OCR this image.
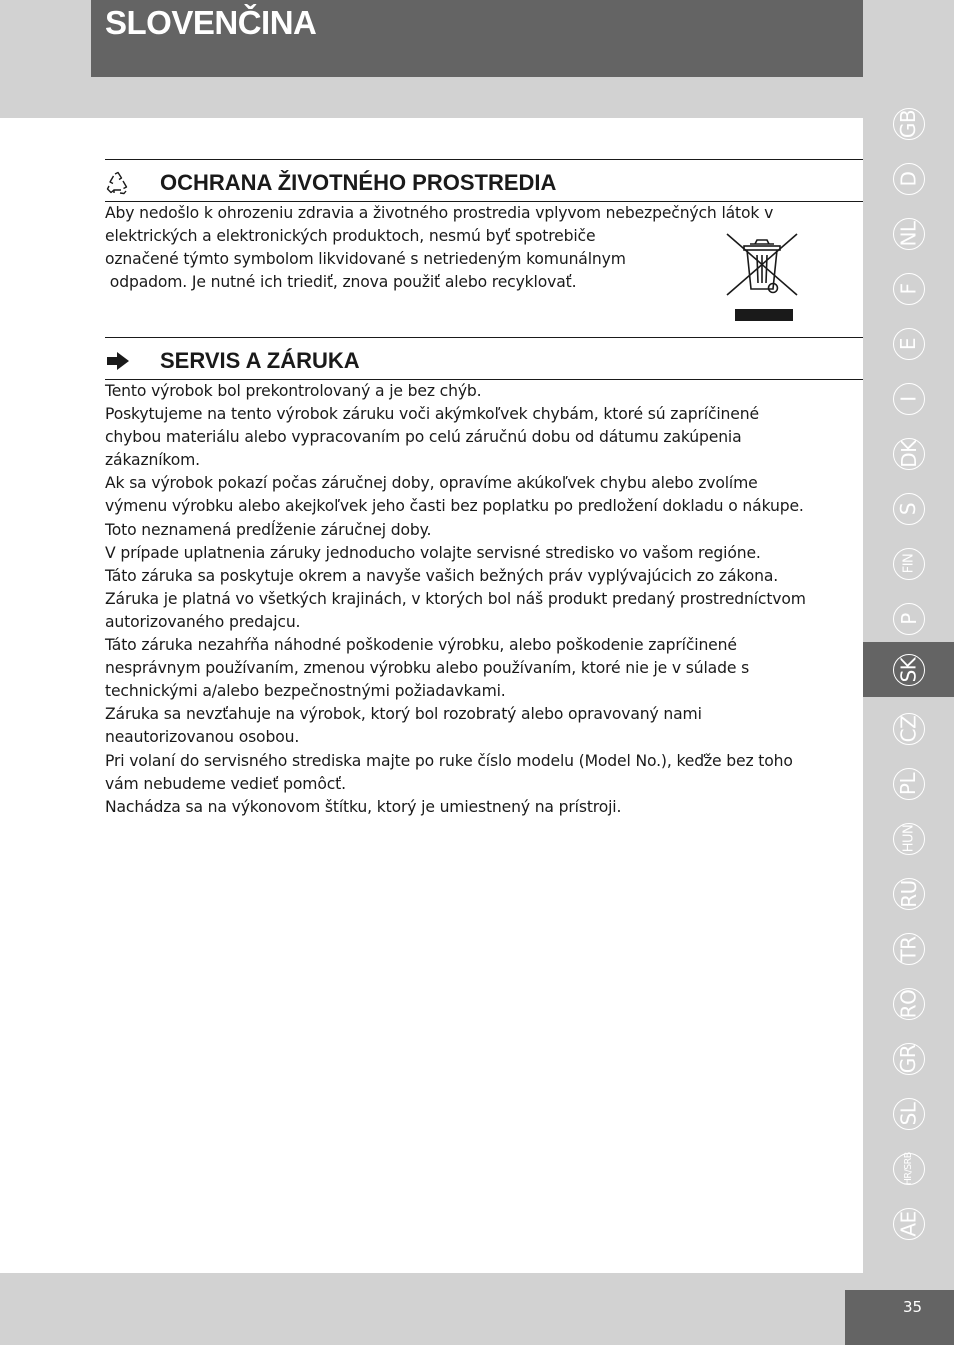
SLOVENČINA
OCHRANA ŽIVOTNÉHO PROSTREDIA
Aby nedošlo k ohrozeniu zdravia a životného prostredia vplyvom nebezpečných látok v
elektrických a elektronických produktoch, nesmú byť spotrebiče
označené týmto symbolom likvidované s netriedeným komunálnym
odpadom. Je nutné ich triediť, znova použiť alebo recyklovať.
SERVIS A ZÁRUKA
Tento výrobok bol prekontrolovaný a je bez chýb.
Poskytujeme na tento výrobok záruku voči akýmkoľvek chybám, ktoré sú zapríčinené
chybou materiálu alebo vypracovaním po celú záručnú dobu od dátumu zakúpenia
zákazníkom.
Ak sa výrobok pokazí počas záručnej doby, opravíme akúkoľvek chybu alebo zvolíme
výmenu výrobku alebo akejkoľvek jeho časti bez poplatku po predložení dokladu o nákupe.
Toto neznamená predĺženie záručnej doby.
V prípade uplatnenia záruky jednoducho volajte servisné stredisko vo vašom regióne.
Táto záruka sa poskytuje okrem a navyše vašich bežných práv vyplývajúcich zo zákona.
Záruka je platná vo všetkých krajinách, v ktorých bol náš produkt predaný prostredníctvom
autorizovaného predajcu.
Táto záruka nezahŕňa náhodné poškodenie výrobku, alebo poškodenie zapríčinené
nesprávnym používaním, zmenou výrobku alebo používaním, ktoré nie je v súlade s
technickými a/alebo bezpečnostnými požiadavkami.
Záruka sa nevzťahuje na výrobok, ktorý bol rozobratý alebo opravovaný nami
neautorizovanou osobou.
Pri volaní do servisného strediska majte po ruke číslo modelu (Model No.), keďže bez toho
vám nebudeme vedieť pomôcť.
Nachádza sa na výkonovom štítku, ktorý je umiestnený na prístroji.
GB
D
NL
F
E
I
DK
S
FIN
P
SK
CZ
PL
HUN
RU
TR
RO
GR
SL
HR/SRB
AE
35
